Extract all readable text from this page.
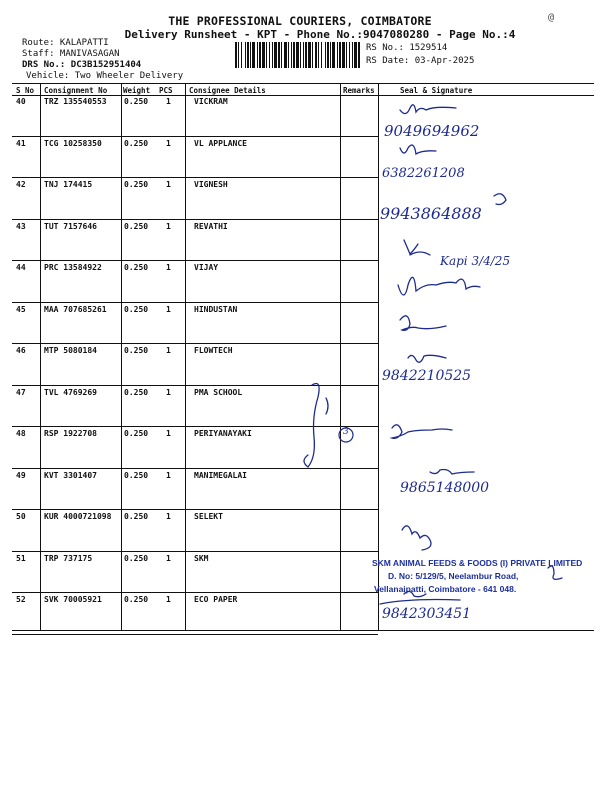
@
THE PROFESSIONAL COURIERS, COIMBATORE
Delivery Runsheet - KPT - Phone No.:9047080280 - Page No.:4
Route: KALAPATTI
Staff: MANIVASAGAN
DRS No.: DC3B152951404
Vehicle: Two Wheeler Delivery
RS No.: 1529514
RS Date: 03-Apr-2025
S No Consignment No Weight PCS Consignee Details	Remarks	Seal & Signature
40 TRZ 135540553 0.250 1	VICKRAM
41 TCG 10258350	0.250 1	VL APPLANCE
42 TNJ 174415	0.250 1	VIGNESH
43 TUT 7157646	0.250 1	REVATHI
44 PRC 13584922	0.250 1	VIJAY
45 MAA 707685261 0.250 1	HINDUSTAN
46 MTP 5080184	0.250 1	FLOWTECH
47 TVL 4769269	0.250 1	PMA SCHOOL
48 RSP 1922708	0.250 1	PERIYANAYAKI
49 KVT 3301407	0.250 1	MANIMEGALAI
50 KUR 4000721098 0.250 1	SELEKT
51 TRP 737175	0.250 1	SKM
52 SVK 70005921	0.250 1	ECO PAPER
9049694962
6382261208
9943864888
Kapi 3/4/25
9842210525
9865148000
9842303451
3
SKM ANIMAL FEEDS & FOODS (I) PRIVATE LIMITED
D. No: 5/129/5, Neelambur Road,
Vellanaipatti, Coimbatore - 641 048.
